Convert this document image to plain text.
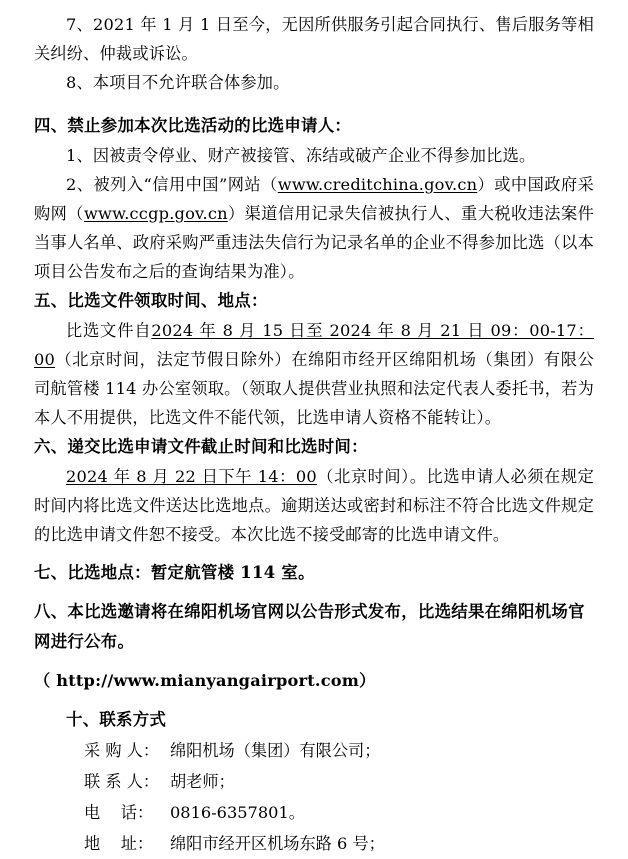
7、2021 年 1 月 1 日至今，无因所供服务引起合同执行、售后服务等相关纠纷、仲裁或诉讼。

8、本项目不允许联合体参加。

四、禁止参加本次比选活动的比选申请人：

1、因被责令停业、财产被接管、冻结或破产企业不得参加比选。

2、被列入“信用中国”网站（www.creditchina.gov.cn）或中国政府采购网（www.ccgp.gov.cn）渠道信用记录失信被执行人、重大税收违法案件当事人名单、政府采购严重违法失信行为记录名单的企业不得参加比选（以本项目公告发布之后的查询结果为准）。

五、比选文件领取时间、地点：

比选文件自2024 年 8 月 15 日至 2024 年 8 月 21 日 09：00-17：00（北京时间，法定节假日除外）在绵阳市经开区绵阳机场（集团）有限公司航管楼 114 办公室领取。（领取人提供营业执照和法定代表人委托书，若为本人不用提供，比选文件不能代领，比选申请人资格不能转让）。

六、递交比选申请文件截止时间和比选时间：

2024 年 8 月 22 日下午 14：00（北京时间）。比选申请人必须在规定时间内将比选文件送达比选地点。逾期送达或密封和标注不符合比选文件规定的比选申请文件恕不接受。本次比选不接受邮寄的比选申请文件。

七、比选地点：暂定航管楼 114 室。

八、本比选邀请将在绵阳机场官网以公告形式发布，比选结果在绵阳机场官网进行公布。

（ http://www.mianyangairport.com）

十、联系方式

采 购 人： 绵阳机场（集团）有限公司；

联 系 人： 胡老师；

电    话： 0816-6357801。

地    址： 绵阳市经开区机场东路 6 号；
